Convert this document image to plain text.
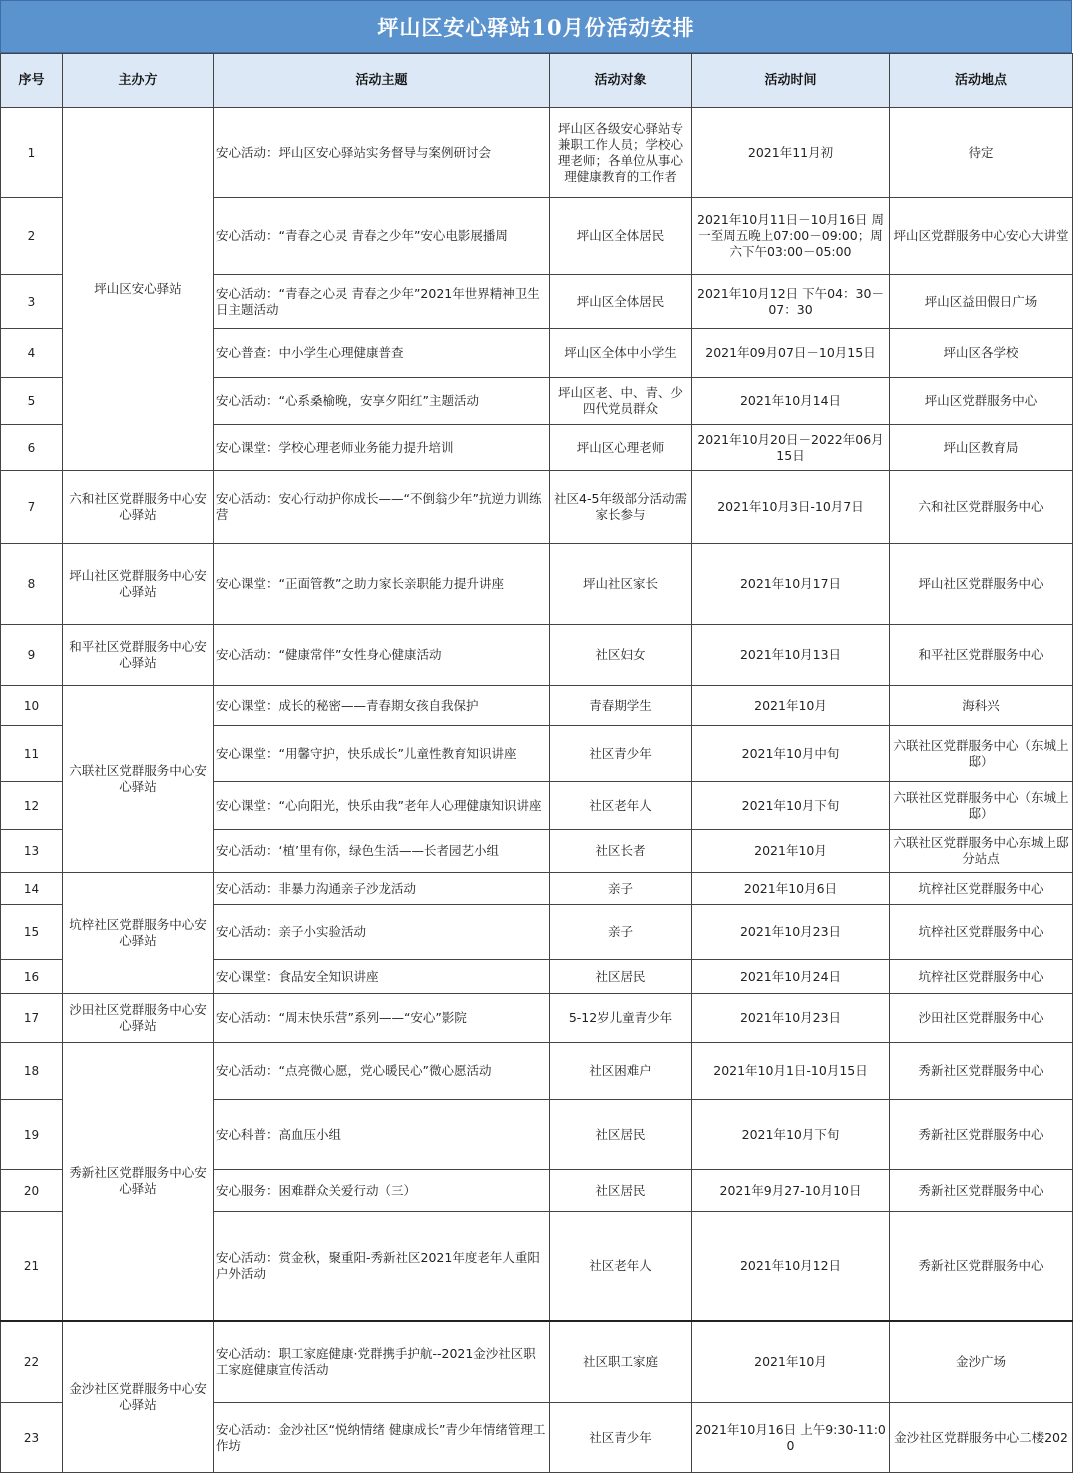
坪山区安心驿站10月份活动安排
序号	主办方	活动主题	活动对象	活动时间	活动地点
1	坪山区安心驿站	安心活动：坪山区安心驿站实务督导与案例研讨会	坪山区各级安心驿站专兼职工作人员；学校心理老师；各单位从事心理健康教育的工作者	2021年11月初	待定
2		安心活动：“青春之心灵 青春之少年”安心电影展播周	坪山区全体居民	2021年10月11日－10月16日 周一至周五晚上07:00－09:00；周六下午03:00－05:00	坪山区党群服务中心安心大讲堂
3		安心活动：“青春之心灵 青春之少年”2021年世界精神卫生日主题活动	坪山区全体居民	2021年10月12日 下午04：30－07：30	坪山区益田假日广场
4		安心普查：中小学生心理健康普查	坪山区全体中小学生	2021年09月07日－10月15日	坪山区各学校
5		安心活动：“心系桑榆晚，安享夕阳红”主题活动	坪山区老、中、青、少四代党员群众	2021年10月14日	坪山区党群服务中心
6		安心课堂：学校心理老师业务能力提升培训	坪山区心理老师	2021年10月20日－2022年06月15日	坪山区教育局
7	六和社区党群服务中心安心驿站	安心活动：安心行动护你成长——“不倒翁少年”抗逆力训练营	社区4-5年级部分活动需家长参与	2021年10月3日-10月7日	六和社区党群服务中心
8	坪山社区党群服务中心安心驿站	安心课堂：“正面管教”之助力家长亲职能力提升讲座	坪山社区家长	2021年10月17日	坪山社区党群服务中心
9	和平社区党群服务中心安心驿站	安心活动：“健康常伴”女性身心健康活动	社区妇女	2021年10月13日	和平社区党群服务中心
10	六联社区党群服务中心安心驿站	安心课堂：成长的秘密——青春期女孩自我保护	青春期学生	2021年10月	海科兴
11		安心课堂：“用馨守护，快乐成长”儿童性教育知识讲座	社区青少年	2021年10月中旬	六联社区党群服务中心（东城上邸）
12		安心课堂：“心向阳光，快乐由我”老年人心理健康知识讲座	社区老年人	2021年10月下旬	六联社区党群服务中心（东城上邸）
13		安心活动：‘植’里有你，绿色生活——长者园艺小组	社区长者	2021年10月	六联社区党群服务中心东城上邸分站点
14	坑梓社区党群服务中心安心驿站	安心活动：非暴力沟通亲子沙龙活动	亲子	2021年10月6日	坑梓社区党群服务中心
15		安心活动：亲子小实验活动	亲子	2021年10月23日	坑梓社区党群服务中心
16		安心课堂：食品安全知识讲座	社区居民	2021年10月24日	坑梓社区党群服务中心
17	沙田社区党群服务中心安心驿站	安心活动：“周末快乐营”系列——“安心”影院	5-12岁儿童青少年	2021年10月23日	沙田社区党群服务中心
18	秀新社区党群服务中心安心驿站	安心活动：“点亮微心愿，党心暖民心”微心愿活动	社区困难户	2021年10月1日-10月15日	秀新社区党群服务中心
19		安心科普：高血压小组	社区居民	2021年10月下旬	秀新社区党群服务中心
20		安心服务：困难群众关爱行动（三）	社区居民	2021年9月27-10月10日	秀新社区党群服务中心
21		安心活动：赏金秋，聚重阳-秀新社区2021年度老年人重阳户外活动	社区老年人	2021年10月12日	秀新社区党群服务中心
22	金沙社区党群服务中心安心驿站	安心活动：职工家庭健康·党群携手护航--2021金沙社区职工家庭健康宣传活动	社区职工家庭	2021年10月	金沙广场
23		安心活动：金沙社区“悦纳情绪 健康成长”青少年情绪管理工作坊	社区青少年	2021年10月16日 上午9:30-11:00	金沙社区党群服务中心二楼202
